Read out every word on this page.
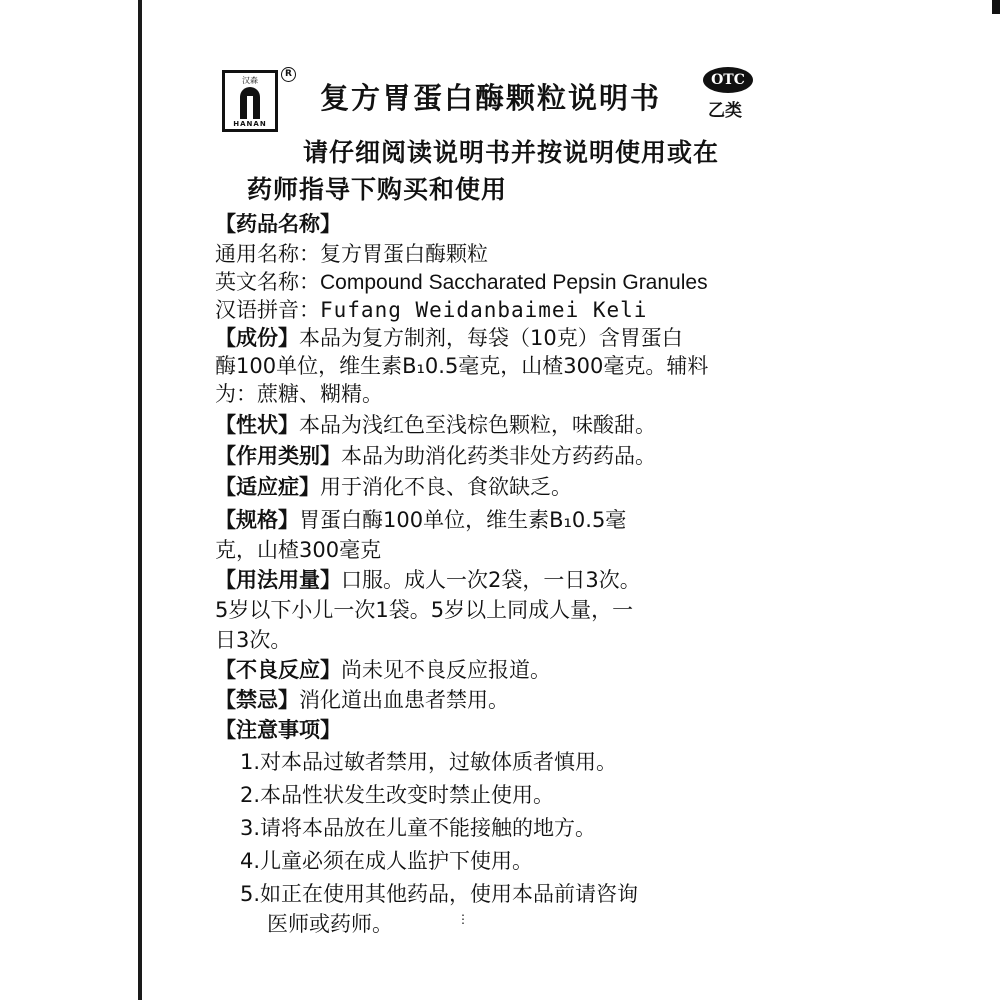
汉森
HANAN
R
复方胃蛋白酶颗粒说明书
OTC
乙类
请仔细阅读说明书并按说明使用或在
药师指导下购买和使用
【药品名称】
通用名称：复方胃蛋白酶颗粒
英文名称：Compound Saccharated Pepsin Granules
汉语拼音：Fufang Weidanbaimei Keli
【成份】本品为复方制剂，每袋（10克）含胃蛋白
酶100单位，维生素B₁0.5毫克，山楂300毫克。辅料
为：蔗糖、糊精。
【性状】本品为浅红色至浅棕色颗粒，味酸甜。
【作用类别】本品为助消化药类非处方药药品。
【适应症】用于消化不良、食欲缺乏。
【规格】胃蛋白酶100单位，维生素B₁0.5毫
克，山楂300毫克
【用法用量】口服。成人一次2袋，一日3次。
5岁以下小儿一次1袋。5岁以上同成人量，一
日3次。
【不良反应】尚未见不良反应报道。
【禁忌】消化道出血患者禁用。
【注意事项】
1.对本品过敏者禁用，过敏体质者慎用。
2.本品性状发生改变时禁止使用。
3.请将本品放在儿童不能接触的地方。
4.儿童必须在成人监护下使用。
5.如正在使用其他药品，使用本品前请咨询
医师或药师。	⋮
